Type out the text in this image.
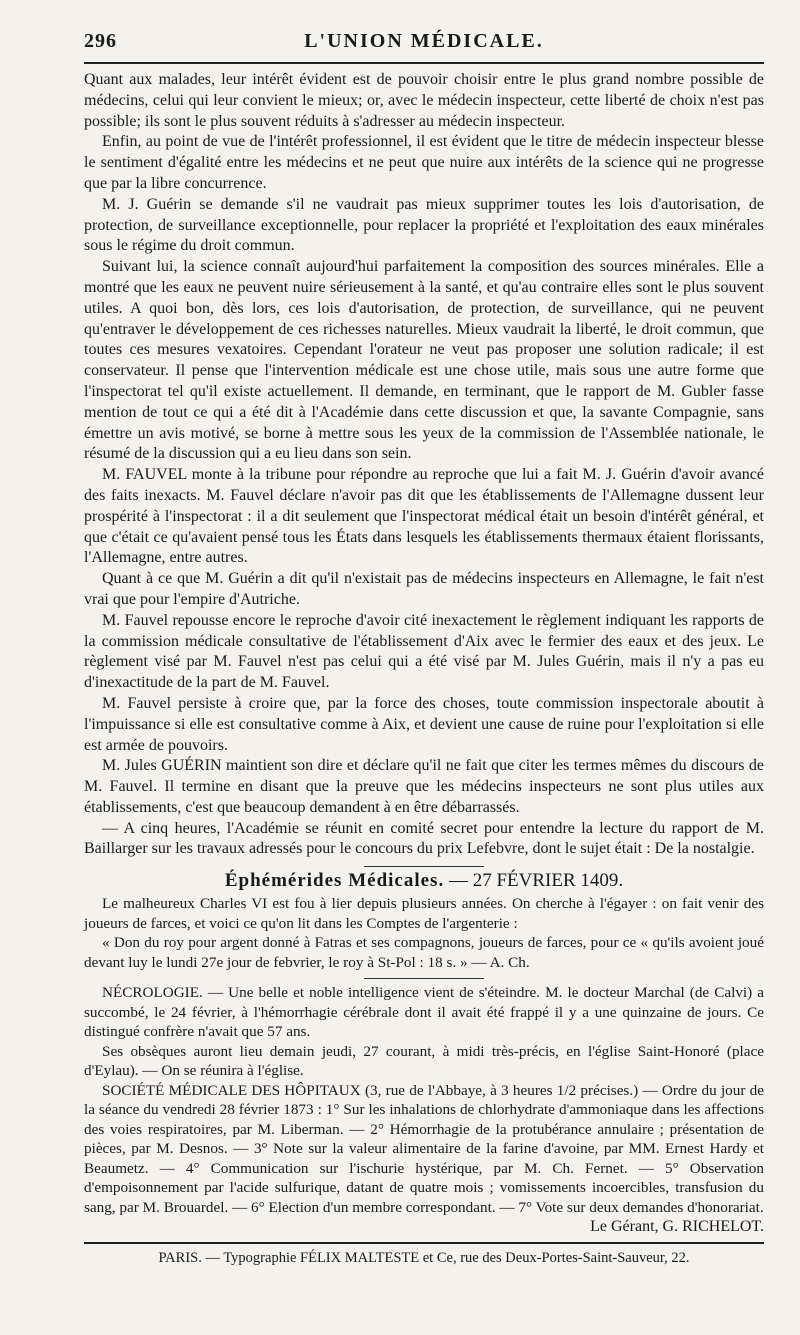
296	L'UNION MÉDICALE.

Quant aux malades, leur intérêt évident est de pouvoir choisir entre le plus grand nombre possible de médecins, celui qui leur convient le mieux; or, avec le médecin inspecteur, cette liberté de choix n'est pas possible; ils sont le plus souvent réduits à s'adresser au médecin inspecteur.

Enfin, au point de vue de l'intérêt professionnel, il est évident que le titre de médecin inspecteur blesse le sentiment d'égalité entre les médecins et ne peut que nuire aux intérêts de la science qui ne progresse que par la libre concurrence.

M. J. Guérin se demande s'il ne vaudrait pas mieux supprimer toutes les lois d'autorisation, de protection, de surveillance exceptionnelle, pour replacer la propriété et l'exploitation des eaux minérales sous le régime du droit commun.

Suivant lui, la science connaît aujourd'hui parfaitement la composition des sources minérales. Elle a montré que les eaux ne peuvent nuire sérieusement à la santé, et qu'au contraire elles sont le plus souvent utiles. A quoi bon, dès lors, ces lois d'autorisation, de protection, de surveillance, qui ne peuvent qu'entraver le développement de ces richesses naturelles. Mieux vaudrait la liberté, le droit commun, que toutes ces mesures vexatoires. Cependant l'orateur ne veut pas proposer une solution radicale; il est conservateur. Il pense que l'intervention médicale est une chose utile, mais sous une autre forme que l'inspectorat tel qu'il existe actuellement. Il demande, en terminant, que le rapport de M. Gubler fasse mention de tout ce qui a été dit à l'Académie dans cette discussion et que, la savante Compagnie, sans émettre un avis motivé, se borne à mettre sous les yeux de la commission de l'Assemblée nationale, le résumé de la discussion qui a eu lieu dans son sein.

M. FAUVEL monte à la tribune pour répondre au reproche que lui a fait M. J. Guérin d'avoir avancé des faits inexacts. M. Fauvel déclare n'avoir pas dit que les établissements de l'Allemagne dussent leur prospérité à l'inspectorat : il a dit seulement que l'inspectorat médical était un besoin d'intérêt général, et que c'était ce qu'avaient pensé tous les États dans lesquels les établissements thermaux étaient florissants, l'Allemagne, entre autres.

Quant à ce que M. Guérin a dit qu'il n'existait pas de médecins inspecteurs en Allemagne, le fait n'est vrai que pour l'empire d'Autriche.

M. Fauvel repousse encore le reproche d'avoir cité inexactement le règlement indiquant les rapports de la commission médicale consultative de l'établissement d'Aix avec le fermier des eaux et des jeux. Le règlement visé par M. Fauvel n'est pas celui qui a été visé par M. Jules Guérin, mais il n'y a pas eu d'inexactitude de la part de M. Fauvel.

M. Fauvel persiste à croire que, par la force des choses, toute commission inspectorale aboutit à l'impuissance si elle est consultative comme à Aix, et devient une cause de ruine pour l'exploitation si elle est armée de pouvoirs.

M. Jules GUÉRIN maintient son dire et déclare qu'il ne fait que citer les termes mêmes du discours de M. Fauvel. Il termine en disant que la preuve que les médecins inspecteurs ne sont plus utiles aux établissements, c'est que beaucoup demandent à en être débarrassés.

— A cinq heures, l'Académie se réunit en comité secret pour entendre la lecture du rapport de M. Baillarger sur les travaux adressés pour le concours du prix Lefebvre, dont le sujet était : De la nostalgie.

Éphémérides Médicales. — 27 FÉVRIER 1409.

Le malheureux Charles VI est fou à lier depuis plusieurs années. On cherche à l'égayer : on fait venir des joueurs de farces, et voici ce qu'on lit dans les Comptes de l'argenterie :

« Don du roy pour argent donné à Fatras et ses compagnons, joueurs de farces, pour ce « qu'ils avoient joué devant luy le lundi 27e jour de febvrier, le roy à St-Pol : 18 s. » — A. Ch.

NÉCROLOGIE. — Une belle et noble intelligence vient de s'éteindre. M. le docteur Marchal (de Calvi) a succombé, le 24 février, à l'hémorrhagie cérébrale dont il avait été frappé il y a une quinzaine de jours. Ce distingué confrère n'avait que 57 ans.

Ses obsèques auront lieu demain jeudi, 27 courant, à midi très-précis, en l'église Saint-Honoré (place d'Eylau). — On se réunira à l'église.

SOCIÉTÉ MÉDICALE DES HÔPITAUX (3, rue de l'Abbaye, à 3 heures 1/2 précises.) — Ordre du jour de la séance du vendredi 28 février 1873 : 1° Sur les inhalations de chlorhydrate d'ammoniaque dans les affections des voies respiratoires, par M. Liberman. — 2° Hémorrhagie de la protubérance annulaire ; présentation de pièces, par M. Desnos. — 3° Note sur la valeur alimentaire de la farine d'avoine, par MM. Ernest Hardy et Beaumetz. — 4° Communication sur l'ischurie hystérique, par M. Ch. Fernet. — 5° Observation d'empoisonnement par l'acide sulfurique, datant de quatre mois ; vomissements incoercibles, transfusion du sang, par M. Brouardel. — 6° Election d'un membre correspondant. — 7° Vote sur deux demandes d'honorariat.

Le Gérant, G. RICHELOT.
PARIS. — Typographie FÉLIX MALTESTE et Ce, rue des Deux-Portes-Saint-Sauveur, 22.
